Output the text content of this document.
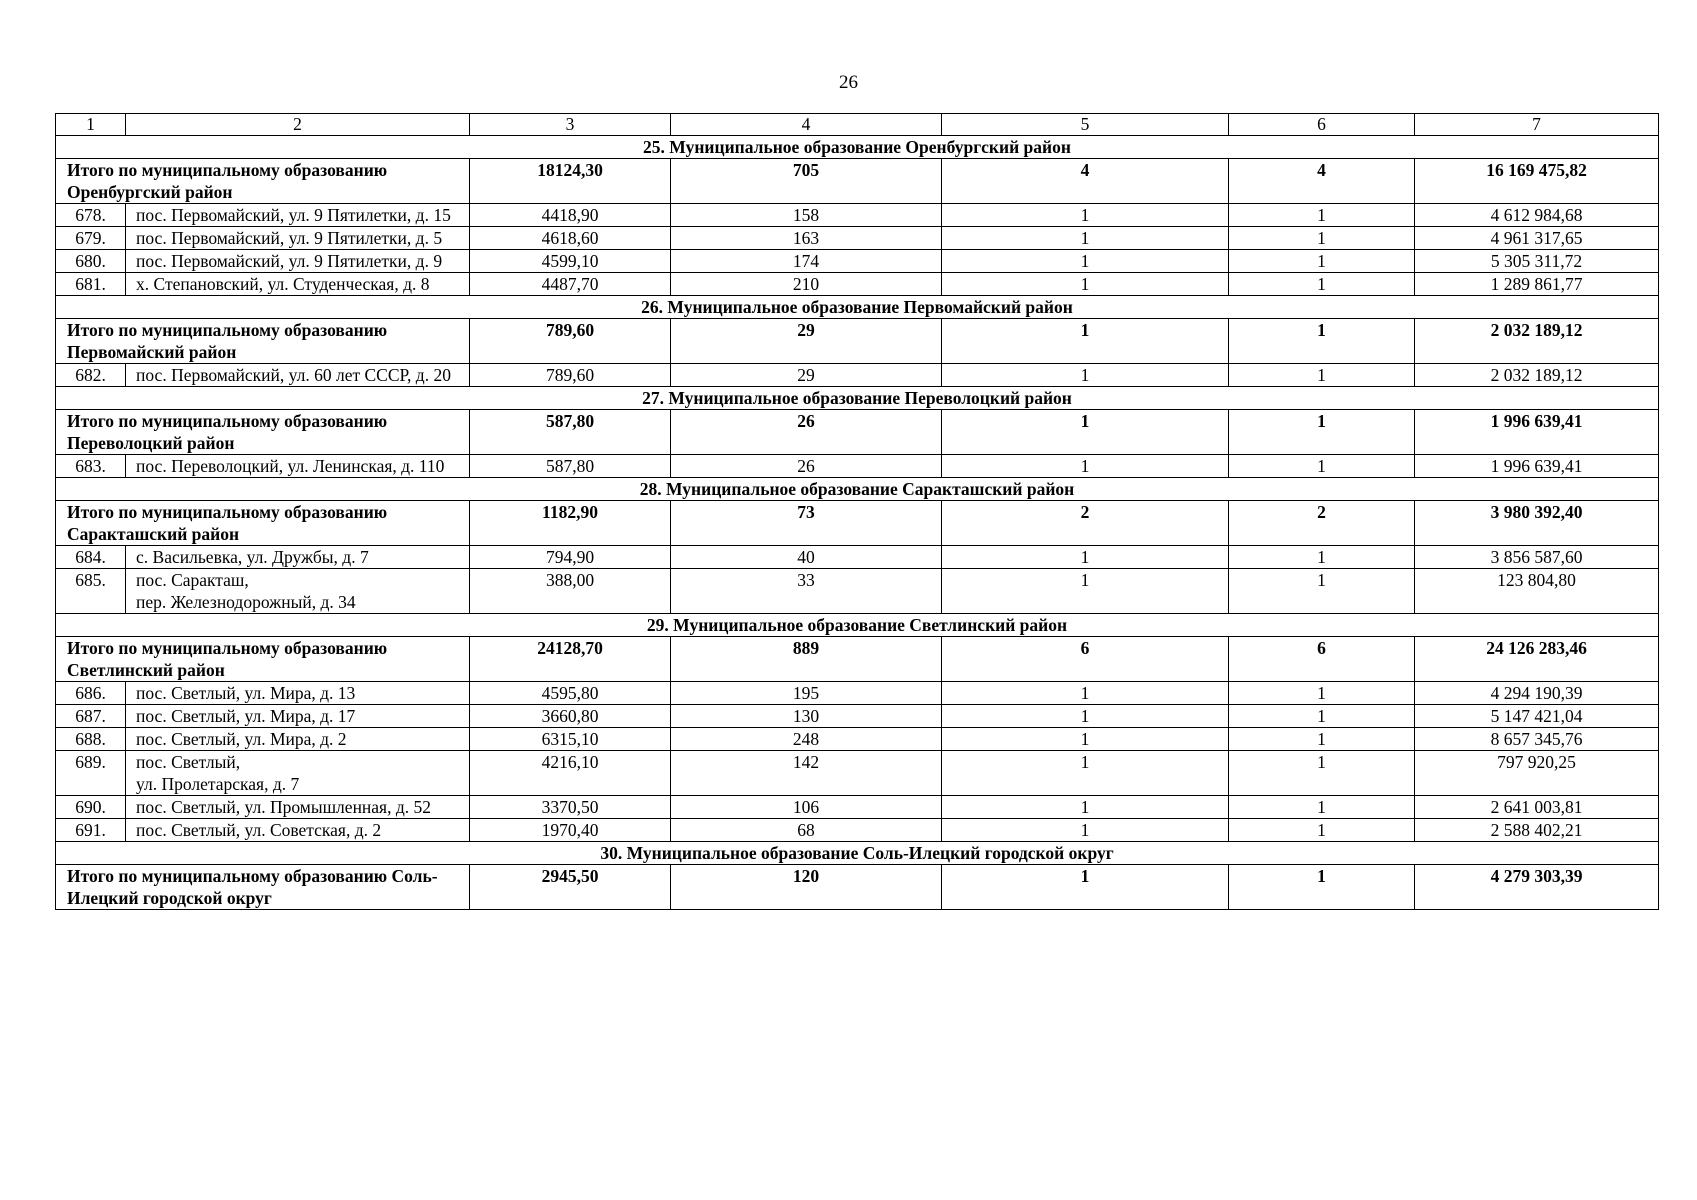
26
1	2	3	4	5	6	7
25. Муниципальное образование Оренбургский район						
Итого по муниципальному образованию Оренбургский район		18124,30	705	4	4	16 169 475,82
678.	пос. Первомайский, ул. 9 Пятилетки, д. 15	4418,90	158	1	1	4 612 984,68
679.	пос. Первомайский, ул. 9 Пятилетки, д. 5	4618,60	163	1	1	4 961 317,65
680.	пос. Первомайский, ул. 9 Пятилетки, д. 9	4599,10	174	1	1	5 305 311,72
681.	х. Степановский, ул. Студенческая, д. 8	4487,70	210	1	1	1 289 861,77
26. Муниципальное образование Первомайский район						
Итого по муниципальному образованию Первомайский район		789,60	29	1	1	2 032 189,12
682.	пос. Первомайский, ул. 60 лет СССР, д. 20	789,60	29	1	1	2 032 189,12
27. Муниципальное образование Переволоцкий район						
Итого по муниципальному образованию Переволоцкий район		587,80	26	1	1	1 996 639,41
683.	пос. Переволоцкий, ул. Ленинская, д. 110	587,80	26	1	1	1 996 639,41
28. Муниципальное образование Саракташский район						
Итого по муниципальному образованию Саракташский район		1182,90	73	2	2	3 980 392,40
684.	с. Васильевка, ул. Дружбы, д. 7	794,90	40	1	1	3 856 587,60
685.	пос. Саракташ,
пер. Железнодорожный, д. 34	388,00	33	1	1	123 804,80
29. Муниципальное образование Светлинский район						
Итого по муниципальному образованию Светлинский район		24128,70	889	6	6	24 126 283,46
686.	пос. Светлый, ул. Мира, д. 13	4595,80	195	1	1	4 294 190,39
687.	пос. Светлый, ул. Мира, д. 17	3660,80	130	1	1	5 147 421,04
688.	пос. Светлый, ул. Мира, д. 2	6315,10	248	1	1	8 657 345,76
689.	пос. Светлый,
ул. Пролетарская, д. 7	4216,10	142	1	1	797 920,25
690.	пос. Светлый, ул. Промышленная, д. 52	3370,50	106	1	1	2 641 003,81
691.	пос. Светлый, ул. Советская, д. 2	1970,40	68	1	1	2 588 402,21
30. Муниципальное образование Соль-Илецкий городской округ						
Итого по муниципальному образованию Соль-Илецкий городской округ		2945,50	120	1	1	4 279 303,39
